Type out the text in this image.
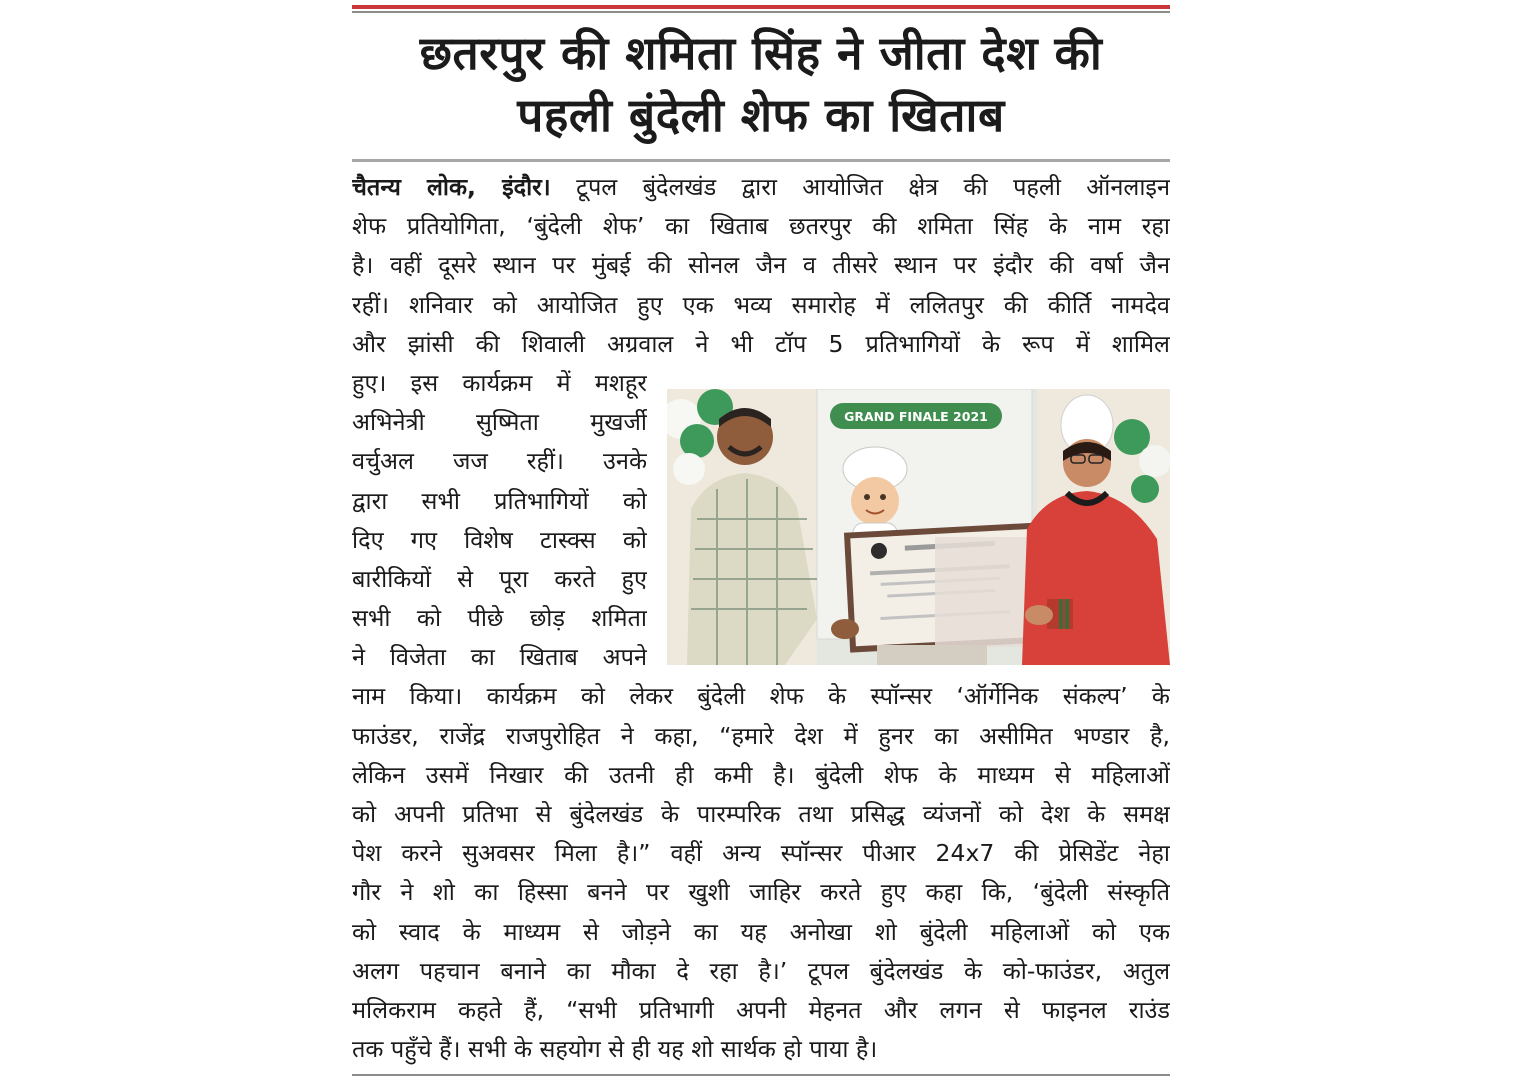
छतरपुर की शमिता सिंह ने जीता देश की
पहली बुंदेली शेफ का खिताब
चैतन्य लोक, इंदौर। टूपल बुंदेलखंड द्वारा आयोजित क्षेत्र की पहली ऑनलाइन
शेफ प्रतियोगिता, ‘बुंदेली शेफ’ का खिताब छतरपुर की शमिता सिंह के नाम रहा
है। वहीं दूसरे स्थान पर मुंबई की सोनल जैन व तीसरे स्थान पर इंदौर की वर्षा जैन
रहीं। शनिवार को आयोजित हुए एक भव्य समारोह में ललितपुर की कीर्ति नामदेव
और झांसी की शिवाली अग्रवाल ने भी टॉप 5 प्रतिभागियों के रूप में शामिल
हुए। इस कार्यक्रम में मशहूर
अभिनेत्री सुष्मिता मुखर्जी
वर्चुअल जज रहीं। उनके
द्वारा सभी प्रतिभागियों को
दिए गए विशेष टास्क्स को
बारीकियों से पूरा करते हुए
सभी को पीछे छोड़ शमिता
ने विजेता का खिताब अपने
नाम किया। कार्यक्रम को लेकर बुंदेली शेफ के स्पॉन्सर ‘ऑर्गेनिक संकल्प’ के
फाउंडर, राजेंद्र राजपुरोहित ने कहा, “हमारे देश में हुनर का असीमित भण्डार है,
लेकिन उसमें निखार की उतनी ही कमी है। बुंदेली शेफ के माध्यम से महिलाओं
को अपनी प्रतिभा से बुंदेलखंड के पारम्परिक तथा प्रसिद्ध व्यंजनों को देश के समक्ष
पेश करने सुअवसर मिला है।” वहीं अन्य स्पॉन्सर पीआर 24x7 की प्रेसिडेंट नेहा
गौर ने शो का हिस्सा बनने पर खुशी जाहिर करते हुए कहा कि, ‘बुंदेली संस्कृति
को स्वाद के माध्यम से जोड़ने का यह अनोखा शो बुंदेली महिलाओं को एक
अलग पहचान बनाने का मौका दे रहा है।’ टूपल बुंदेलखंड के को-फाउंडर, अतुल
मलिकराम कहते हैं, “सभी प्रतिभागी अपनी मेहनत और लगन से फाइनल राउंड
तक पहुँचे हैं। सभी के सहयोग से ही यह शो सार्थक हो पाया है।
GRAND FINALE 2021
